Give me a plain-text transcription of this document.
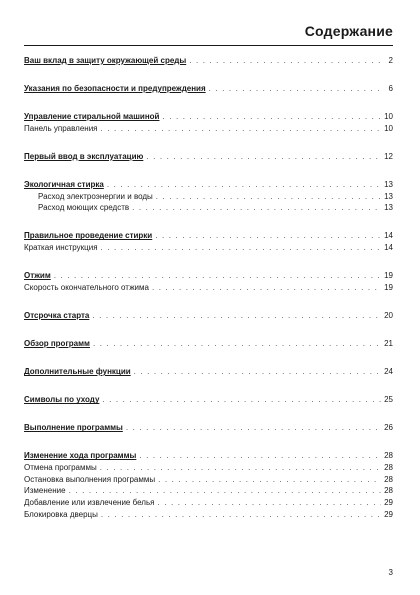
Содержание
Ваш вклад в защиту окружающей среды . . .	2
Указания по безопасности и предупреждения . . .	6
Управление стиральной машиной . . .	10
Панель управления . . .	10
Первый ввод в эксплуатацию . . .	12
Экологичная стирка . . .	13
Расход электроэнергии и воды . . .	13
Расход моющих средств . . .	13
Правильное проведение стирки . . .	14
Краткая инструкция . . .	14
Отжим . . .	19
Скорость окончательного отжима . . .	19
Отсрочка старта . . .	20
Обзор программ . . .	21
Дополнительные функции . . .	24
Символы по уходу . . .	25
Выполнение программы . . .	26
Изменение хода программы . . .	28
Отмена программы . . .	28
Остановка выполнения программы . . .	28
Изменение . . .	28
Добавление или извлечение белья . . .	29
Блокировка дверцы . . .	29
3
